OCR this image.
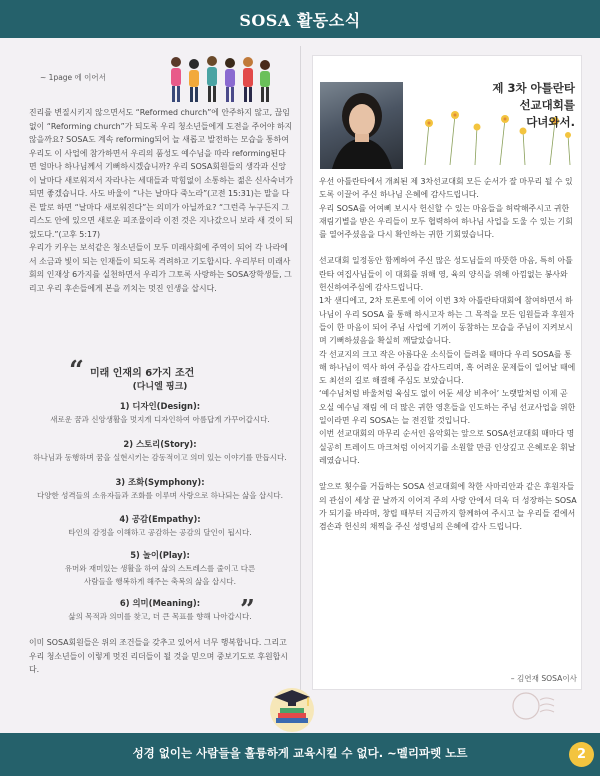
SOSA 활동소식
~ 1page 에 이어서

진리를 변질시키지 않으면서도 “Reformed church”에 안주하지 않고, 끊임없이 “Reforming church”가 되도록 우리 청소년들에게 도전을 주어야 하지 않을까요? SOSA도 계속 reforming되어 늘 새롭고 발전하는 모습을 통하여 우리도 이 사업에 참가하면서 우리의 품성도 예수님을 따라 reforming된다면 얼마나 하나님께서 기뻐하시겠습니까? 우리 SOSA회원들의 생각과 신앙이 날마다 새로워져서 자라나는 세대들과 막힘없이 소통하는 젊은 신사숙녀가 되면 좋겠습니다. 사도 바울이 “나는 날마다 죽노라”(고전 15:31)는 말을 다 른 말로 하면 “날마다 새로워진다”는 의미가 아닐까요? “그런즉 누구든지 그리스도 안에 있으면 새로운 피조물이라 이전 것은 지나갔으니 보라 새 것이 되었도다.”(고후 5:17)

우리가 키우는 보석같은 청소년들이 모두 미래사회에 주역이 되어 각 나라에서 소금과 빛이 되는 인재들이 되도록 격려하고 기도합시다. 우리부터 미래사회의 인재상 6가지를 실천하면서 우리가 그토록 사랑하는 SOSA장학생들, 그 리고 우리 후손들에게 본을 끼치는 멋진 인생을 삽시다.

“ 미래 인재의 6가지 조건
(다니엘 핑크)
1) 디자인(Design):
새로운 꿈과 신앙생활을 멋지게 디자인하여 아름답게 가꾸어갑시다.
2) 스토리(Story):
하나님과 동행하며 꿈을 실현시키는 감동적이고 의미 있는 이야기를 만듭시다.
3) 조화(Symphony):
다양한 성격들의 소유자들과 조화를 이루며 사랑으로 하나되는 삶을 삽시다.
4) 공감(Empathy):
타인의 감정을 이해하고 공감하는 공감의 달인이 됩시다.
5) 놀이(Play):
유머와 재미있는 생활을 하여 삶의 스트레스를 줄이고 다른 사람들을 행복하게 해주는 축복의 삶을 삽시다.
6) 의미(Meaning):
삶의 목적과 의미를 찾고, 더 큰 목표를 향해 나아갑시다.
”
이미 SOSA회원들은 위의 조건들을 갖추고 있어서 너무 행복합니다. 그리고 우리 청소년들이 이렇게 멋진 리더들이 될 것을 믿으며 중보기도로 후원합시다.
제 3차 아틀란타
선교대회를
다녀와서.

우선 아틀란타에서 개최된 제 3차선교대회 모든 순서가 잘 마무리 될 수 있도록 이끌어 주신 하나님 은혜에 감사드립니다.

우리 SOSA를 어여삐 보시사 헌신할 수 있는 마음들을 허락해주시고 귀한 재림기별을 받은 우리들이 모두 협력하여 하나님 사업을 도울 수 있는 기회를 열어주셨음을 다시 확인하는 귀한 기회였습니다.

선교대회 일정동안 함께하여 주신 많은 성도님들의 따뜻한 마음, 특히 아틀란타 여집사님들이 이 대회를 위해 영, 육의 양식을 위해 아낌없는 봉사와 헌신하여주심에 감사드립니다.

1차 샌디에고, 2차 토론토에 이어 이번 3차 아틀란타대회에 참여하면서 하나님이 우리 SOSA 를 통해 하시고자 하는 그 목적을 모든 임원들과 후원자들이 한 마음이 되어 주님 사업에 기꺼이 동참하는 모습을 주님이 지켜보시며 기뻐하셨음을 확실히 깨달았습니다.

각 선교지의 크고 작은 아름다운 소식들이 들려올 때마다 우리 SOSA를 통해 하나님이 역사 하여 주심을 감사드리며, 혹 어려운 문제들이 일어날 때에도 최선의 길로 해결해 주심도 보았습니다.

‘예수님처럼 바울처럼 육심도 없이 어둔 세상 비추어’ 노랫말처럼 이제 곧 오실 예수님 재림 에 더 많은 귀한 영혼들을 인도하는 주님 선교사업을 위한 일이라면 우리 SOSA는 늘 전진할 것입니다.

이번 선교대회의 마무리 순서인 음악회는 앞으로 SOSA선교대회 때마다 명실공히 트레이드 마크처럼 이어지기를 소원할 만큼 인상깊고 은혜로운 휘날레였습니다.

앞으로 횟수를 거듭하는 SOSA 선교대회에 착한 사마리안과 같은 후원자들의 관심이 세상 끝 날까지 이어져 주의 사랑 안에서 더욱 더 성장하는 SOSA가 되기를 바라며, 창립 때부터 지금까지 함께하여 주시고 늘 우리들 곁에서 겸손과 헌신의 채찍을 주신 성령님의 은혜에 감사 드립니다.

– 김연재 SOSA이사
성경 없이는 사람들을 훌륭하게 교육시킬 수 없다. ~멜리파렛 노트	2
